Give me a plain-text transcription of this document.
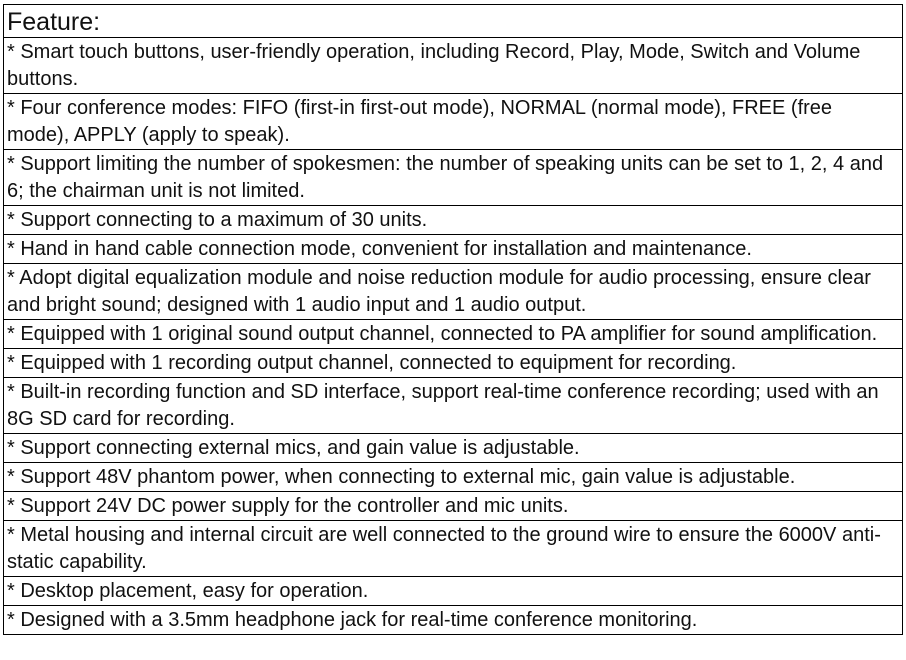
Feature:
* Smart touch buttons, user-friendly operation, including Record, Play, Mode, Switch and Volume buttons.
* Four conference modes: FIFO (first-in first-out mode), NORMAL (normal mode), FREE (free mode), APPLY (apply to speak).
* Support limiting the number of spokesmen: the number of speaking units can be set to 1, 2, 4 and 6; the chairman unit is not limited.
* Support connecting to a maximum of 30 units.
* Hand in hand cable connection mode, convenient for installation and maintenance.
* Adopt digital equalization module and noise reduction module for audio processing, ensure clear and bright sound; designed with 1 audio input and 1 audio output.
* Equipped with 1 original sound output channel, connected to PA amplifier for sound amplification.
* Equipped with 1 recording output channel, connected to equipment for recording.
* Built-in recording function and SD interface, support real-time conference recording; used with an 8G SD card for recording.
* Support connecting external mics, and gain value is adjustable.
* Support 48V phantom power, when connecting to external mic, gain value is adjustable.
* Support 24V DC power supply for the controller and mic units.
* Metal housing and internal circuit are well connected to the ground wire to ensure the 6000V anti-static capability.
* Desktop placement, easy for operation.
* Designed with a 3.5mm headphone jack for real-time conference monitoring.
